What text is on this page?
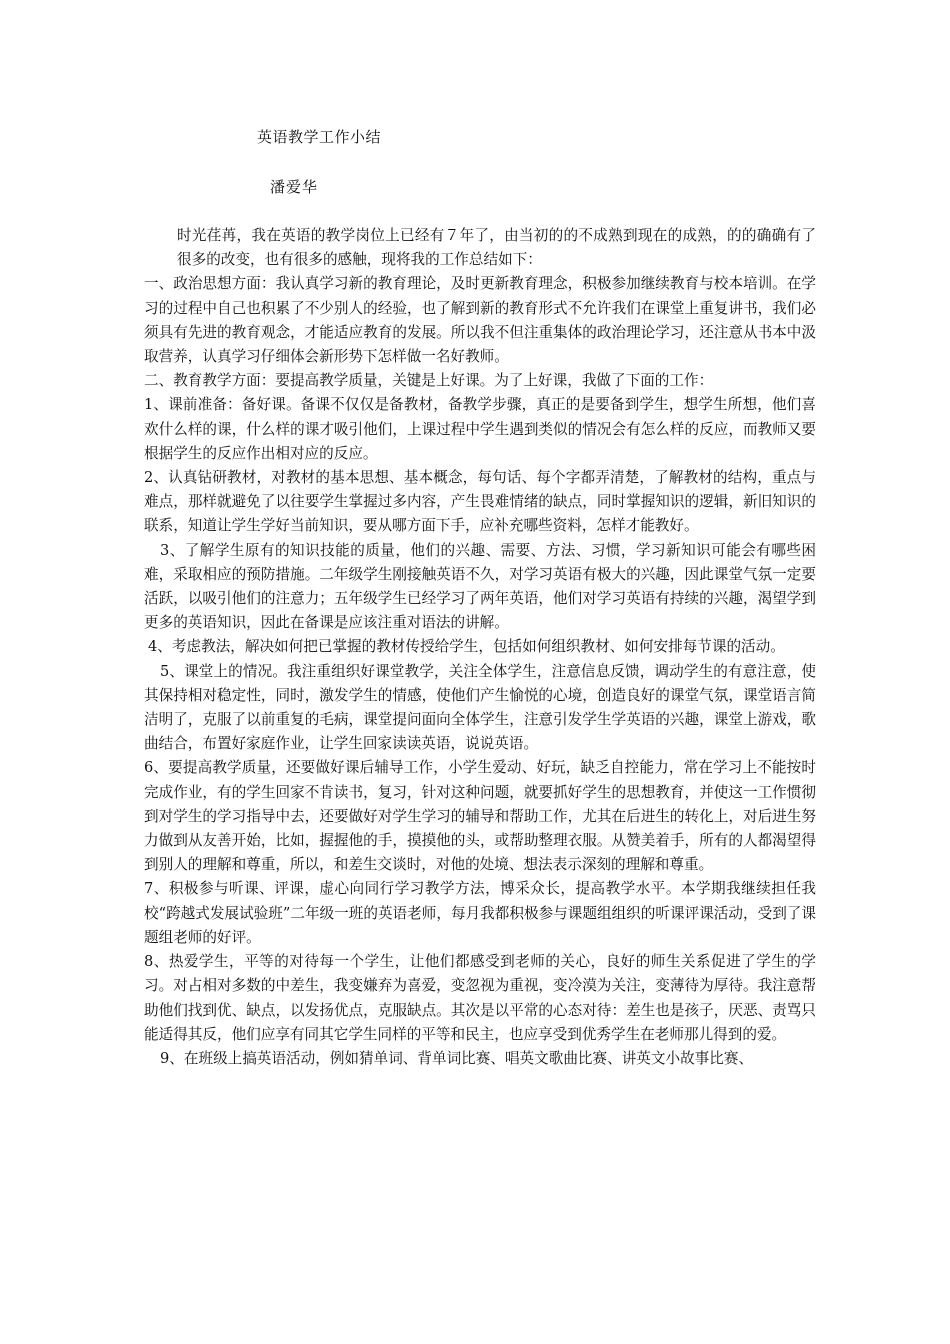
英语教学工作小结
潘爱华

时光荏苒，我在英语的教学岗位上已经有７年了，由当初的的不成熟到现在的成熟，的的确确有了很多的改变，也有很多的感触，现将我的工作总结如下：

一、政治思想方面：我认真学习新的教育理论，及时更新教育理念，积极参加继续教育与校本培训。在学习的过程中自己也积累了不少别人的经验，也了解到新的教育形式不允许我们在课堂上重复讲书，我们必须具有先进的教育观念，才能适应教育的发展。所以我不但注重集体的政治理论学习，还注意从书本中汲取营养，认真学习仔细体会新形势下怎样做一名好教师。

二、教育教学方面：要提高教学质量，关键是上好课。为了上好课，我做了下面的工作：

1、课前准备：备好课。备课不仅仅是备教材，备教学步骤，真正的是要备到学生，想学生所想，他们喜欢什么样的课，什么样的课才吸引他们，上课过程中学生遇到类似的情况会有怎么样的反应，而教师又要根据学生的反应作出相对应的反应。

2、认真钻研教材，对教材的基本思想、基本概念，每句话、每个字都弄清楚，了解教材的结构，重点与难点，那样就避免了以往要学生掌握过多内容，产生畏难情绪的缺点，同时掌握知识的逻辑，新旧知识的联系，知道让学生学好当前知识，要从哪方面下手，应补充哪些资料，怎样才能教好。

3、了解学生原有的知识技能的质量，他们的兴趣、需要、方法、习惯，学习新知识可能会有哪些困难，采取相应的预防措施。二年级学生刚接触英语不久，对学习英语有极大的兴趣，因此课堂气氛一定要活跃，以吸引他们的注意力；五年级学生已经学习了两年英语，他们对学习英语有持续的兴趣，渴望学到更多的英语知识，因此在备课是应该注重对语法的讲解。

4、考虑教法，解决如何把已掌握的教材传授给学生，包括如何组织教材、如何安排每节课的活动。

5、课堂上的情况。我注重组织好课堂教学，关注全体学生，注意信息反馈，调动学生的有意注意，使其保持相对稳定性，同时，激发学生的情感，使他们产生愉悦的心境，创造良好的课堂气氛，课堂语言简洁明了，克服了以前重复的毛病，课堂提问面向全体学生，注意引发学生学英语的兴趣，课堂上游戏，歌曲结合，布置好家庭作业，让学生回家读读英语，说说英语。

6、要提高教学质量，还要做好课后辅导工作，小学生爱动、好玩，缺乏自控能力，常在学习上不能按时完成作业，有的学生回家不肯读书，复习，针对这种问题，就要抓好学生的思想教育，并使这一工作惯彻到对学生的学习指导中去，还要做好对学生学习的辅导和帮助工作，尤其在后进生的转化上，对后进生努力做到从友善开始，比如，握握他的手，摸摸他的头，或帮助整理衣服。从赞美着手，所有的人都渴望得到别人的理解和尊重，所以，和差生交谈时，对他的处境、想法表示深刻的理解和尊重。

7、积极参与听课、评课，虚心向同行学习教学方法，博采众长，提高教学水平。本学期我继续担任我校“跨越式发展试验班”二年级一班的英语老师，每月我都积极参与课题组组织的听课评课活动，受到了课题组老师的好评。

8、热爱学生，平等的对待每一个学生，让他们都感受到老师的关心，良好的师生关系促进了学生的学习。对占相对多数的中差生，我变嫌弃为喜爱，变忽视为重视，变冷漠为关注，变薄待为厚待。我注意帮助他们找到优、缺点，以发扬优点，克服缺点。其次是以平常的心态对待：差生也是孩子，厌恶、责骂只能适得其反，他们应享有同其它学生同样的平等和民主，也应享受到优秀学生在老师那儿得到的爱。

9、在班级上搞英语活动，例如猜单词、背单词比赛、唱英文歌曲比赛、讲英文小故事比赛、
